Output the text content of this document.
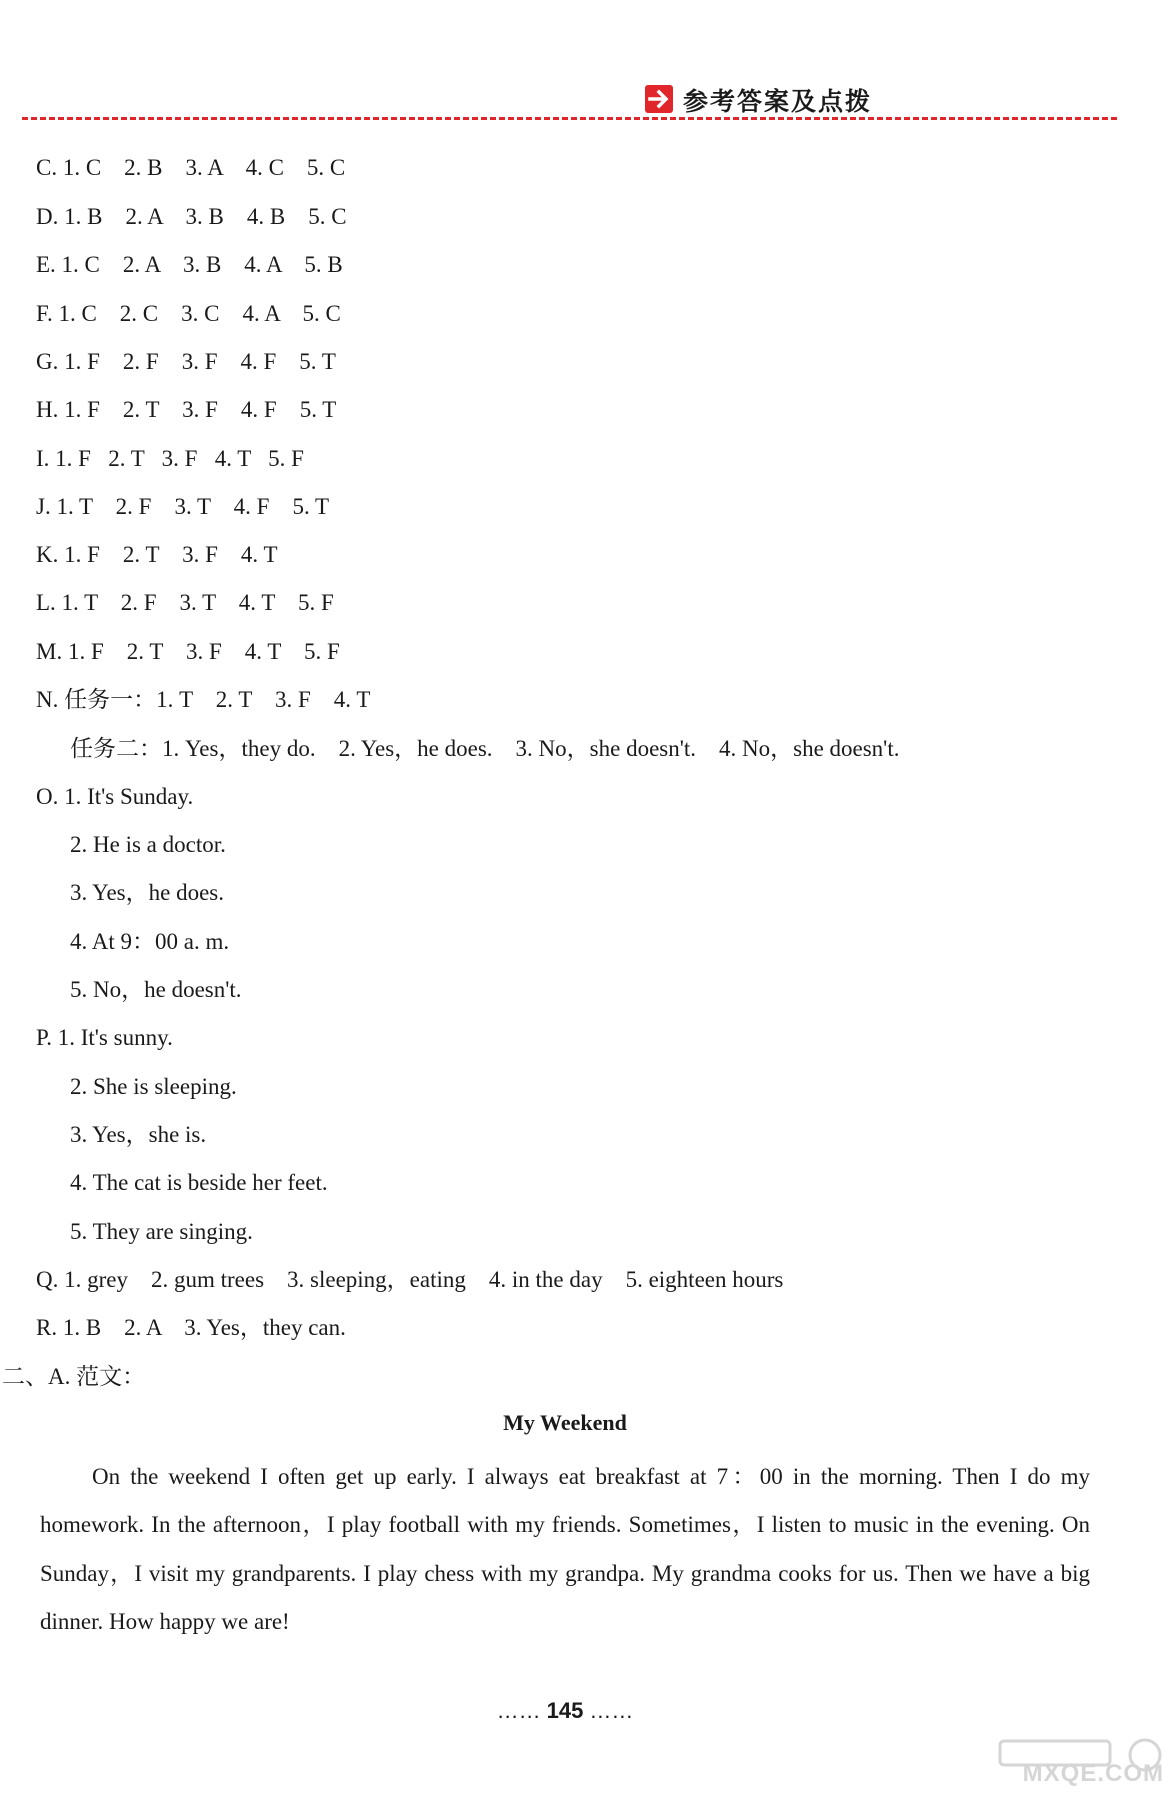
参考答案及点拨
C. 1. C    2. B    3. A    4. C    5. C
D. 1. B    2. A    3. B    4. B    5. C
E. 1. C    2. A    3. B    4. A    5. B
F. 1. C    2. C    3. C    4. A    5. C
G. 1. F    2. F    3. F    4. F    5. T
H. 1. F    2. T    3. F    4. F    5. T
I. 1. F   2. T   3. F   4. T   5. F
J. 1. T    2. F    3. T    4. F    5. T
K. 1. F    2. T    3. F    4. T
L. 1. T    2. F    3. T    4. T    5. F
M. 1. F    2. T    3. F    4. T    5. F
N. 任务一：1. T    2. T    3. F    4. T
任务二：1. Yes，they do.    2. Yes，he does.    3. No，she doesn't.    4. No，she doesn't.
O. 1. It's Sunday.
2. He is a doctor.
3. Yes，he does.
4. At 9：00 a. m.
5. No，he doesn't.
P. 1. It's sunny.
2. She is sleeping.
3. Yes，she is.
4. The cat is beside her feet.
5. They are singing.
Q. 1. grey    2. gum trees    3. sleeping，eating    4. in the day    5. eighteen hours
R. 1. B    2. A    3. Yes，they can.
二、A. 范文：
My Weekend
On the weekend I often get up early. I always eat breakfast at 7：00 in the morning. Then I do my homework. In the afternoon，I play football with my friends. Sometimes，I listen to music in the evening. On Sunday，I visit my grandparents. I play chess with my grandpa. My grandma cooks for us. Then we have a big dinner. How happy we are!
…… 145 ……
MXQE.COM
